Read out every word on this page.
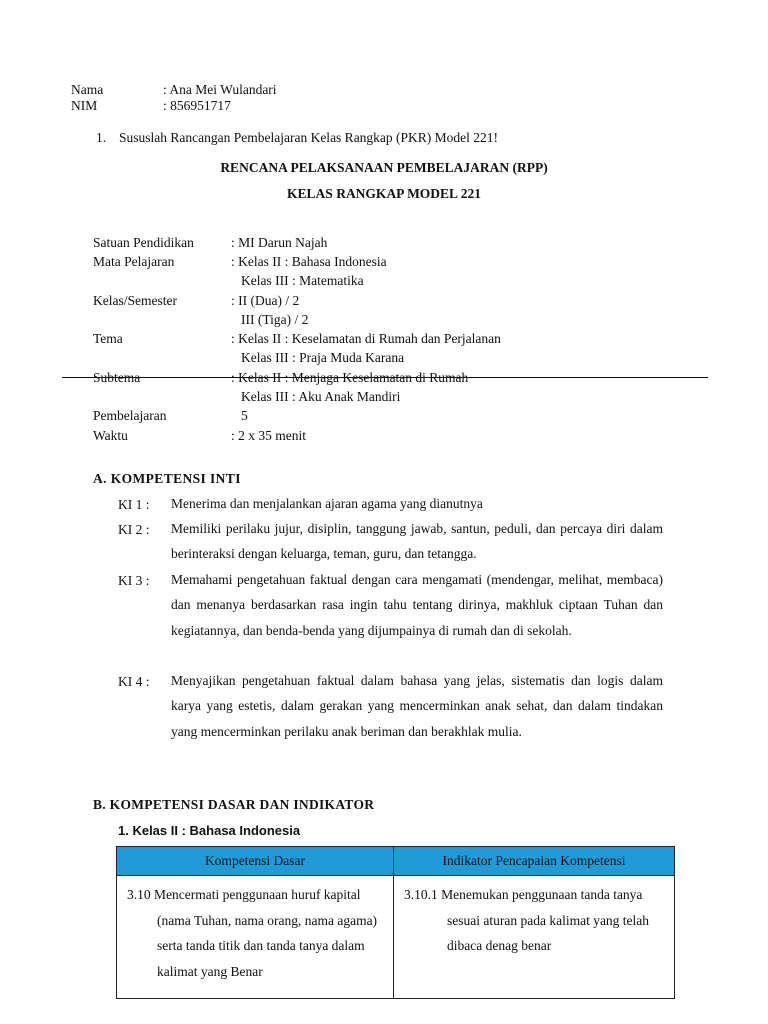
Nama	: Ana Mei Wulandari
NIM	: 856951717
1. Sususlah Rancangan Pembelajaran Kelas Rangkap (PKR) Model 221!
RENCANA PELAKSANAAN PEMBELAJARAN (RPP)
KELAS RANGKAP MODEL 221
Satuan Pendidikan	: MI Darun Najah
Mata Pelajaran	: Kelas II : Bahasa Indonesia
Kelas III : Matematika
Kelas/Semester	: II (Dua) / 2
III (Tiga) / 2
Tema	: Kelas II : Keselamatan di Rumah dan Perjalanan
Kelas III : Praja Muda Karana
Subtema	: Kelas II : Menjaga Keselamatan di Rumah
Kelas III : Aku Anak Mandiri
Pembelajaran	5
Waktu	: 2 x 35 menit
A. KOMPETENSI INTI
KI 1 : Menerima dan menjalankan ajaran agama yang dianutnya
KI 2 : Memiliki perilaku jujur, disiplin, tanggung jawab, santun, peduli, dan percaya diri dalam berinteraksi dengan keluarga, teman, guru, dan tetangga.
KI 3 : Memahami pengetahuan faktual dengan cara mengamati (mendengar, melihat, membaca) dan menanya berdasarkan rasa ingin tahu tentang dirinya, makhluk ciptaan Tuhan dan kegiatannya, dan benda-benda yang dijumpainya di rumah dan di sekolah.
KI 4 : Menyajikan pengetahuan faktual dalam bahasa yang jelas, sistematis dan logis dalam karya yang estetis, dalam gerakan yang mencerminkan anak sehat, dan dalam tindakan yang mencerminkan perilaku anak beriman dan berakhlak mulia.
B. KOMPETENSI DASAR DAN INDIKATOR
1. Kelas II : Bahasa Indonesia
Kompetensi Dasar	Indikator Pencapaian Kompetensi

3.10 Mencermati penggunaan huruf kapital (nama Tuhan, nama orang, nama agama) serta tanda titik dan tanda tanya dalam kalimat yang Benar	3.10.1 Menemukan penggunaan tanda tanya sesuai aturan pada kalimat yang telah dibaca denag benar
